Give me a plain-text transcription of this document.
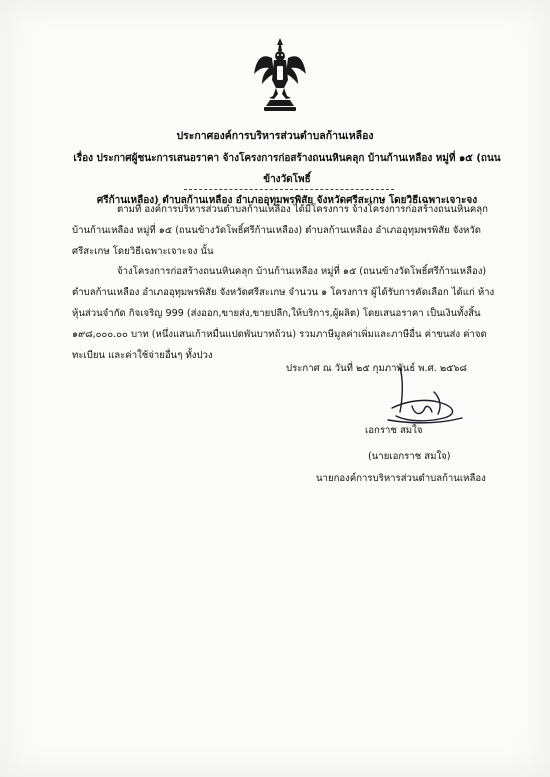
ประกาศองค์การบริหารส่วนตำบลก้านเหลือง
เรื่อง ประกาศผู้ชนะการเสนอราคา จ้างโครงการก่อสร้างถนนหินคลุก บ้านก้านเหลือง หมู่ที่ ๑๕ (ถนนข้างวัดโพธิ์
ศรีก้านเหลือง) ตำบลก้านเหลือง อำเภออุทุมพรพิสัย จังหวัดศรีสะเกษ โดยวิธีเฉพาะเจาะจง
ตามที่ องค์การบริหารส่วนตำบลก้านเหลือง ได้มีโครงการ จ้างโครงการก่อสร้างถนนหินคลุก บ้านก้านเหลือง หมู่ที่ ๑๕ (ถนนข้างวัดโพธิ์ศรีก้านเหลือง) ตำบลก้านเหลือง อำเภออุทุมพรพิสัย จังหวัดศรีสะเกษ โดยวิธีเฉพาะเจาะจง นั้น
จ้างโครงการก่อสร้างถนนหินคลุก บ้านก้านเหลือง หมู่ที่ ๑๕ (ถนนข้างวัดโพธิ์ศรีก้านเหลือง) ตำบลก้านเหลือง อำเภออุทุมพรพิสัย จังหวัดศรีสะเกษ จำนวน ๑ โครงการ ผู้ได้รับการคัดเลือก ได้แก่ ห้างหุ้นส่วนจำกัด กิจเจริญ 999 (ส่งออก,ขายส่ง,ขายปลีก,ให้บริการ,ผู้ผลิต) โดยเสนอราคา เป็นเงินทั้งสิ้น ๑๙๘,๐๐๐.๐๐ บาท (หนึ่งแสนเก้าหมื่นแปดพันบาทถ้วน) รวมภาษีมูลค่าเพิ่มและภาษีอื่น ค่าขนส่ง ค่าจดทะเบียน และค่าใช้จ่ายอื่นๆ ทั้งปวง
ประกาศ ณ วันที่ ๒๕ กุมภาพันธ์ พ.ศ. ๒๕๖๘
เอกราช สมใจ
(นายเอกราช สมใจ)
นายกองค์การบริหารส่วนตำบลก้านเหลือง
